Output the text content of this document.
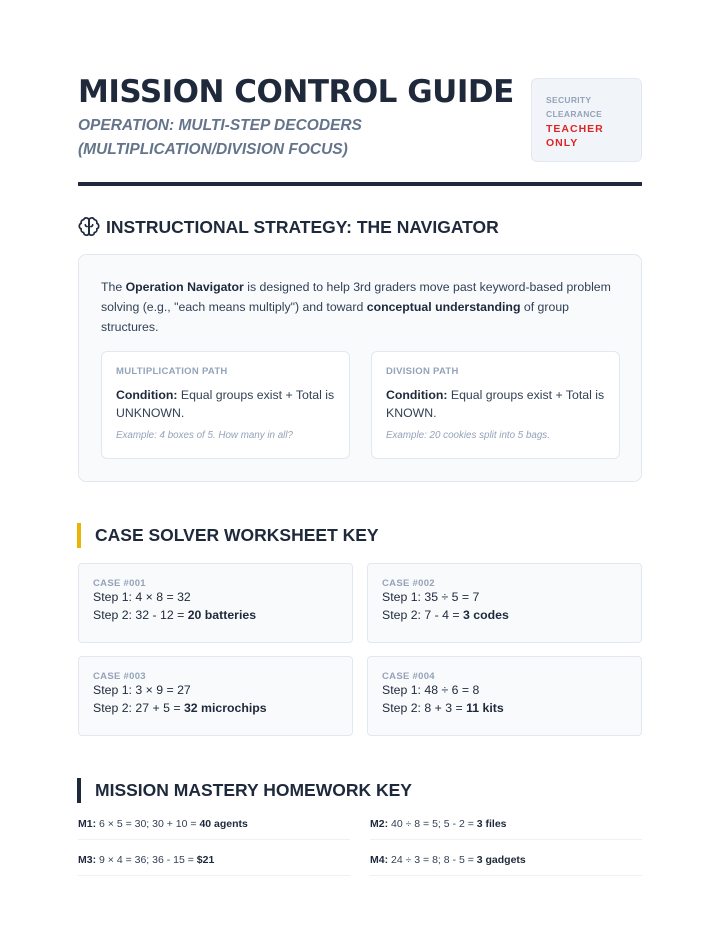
MISSION CONTROL GUIDE
OPERATION: MULTI-STEP DECODERS (MULTIPLICATION/DIVISION FOCUS)
SECURITY
CLEARANCE
TEACHER
ONLY
INSTRUCTIONAL STRATEGY: THE NAVIGATOR

The Operation Navigator is designed to help 3rd graders move past keyword-based problem solving (e.g., "each means multiply") and toward conceptual understanding of group structures.

MULTIPLICATION PATH
Condition: Equal groups exist + Total is UNKNOWN.
Example: 4 boxes of 5. How many in all?
DIVISION PATH
Condition: Equal groups exist + Total is KNOWN.
Example: 20 cookies split into 5 bags.
CASE SOLVER WORKSHEET KEY
CASE #001
Step 1: 4 × 8 = 32
Step 2: 32 - 12 = 20 batteries
CASE #002
Step 1: 35 ÷ 5 = 7
Step 2: 7 - 4 = 3 codes
CASE #003
Step 1: 3 × 9 = 27
Step 2: 27 + 5 = 32 microchips
CASE #004
Step 1: 48 ÷ 6 = 8
Step 2: 8 + 3 = 11 kits
MISSION MASTERY HOMEWORK KEY
M1: 6 × 5 = 30; 30 + 10 = 40 agents	M2: 40 ÷ 8 = 5; 5 - 2 = 3 files
M3: 9 × 4 = 36; 36 - 15 = $21	M4: 24 ÷ 3 = 8; 8 - 5 = 3 gadgets
